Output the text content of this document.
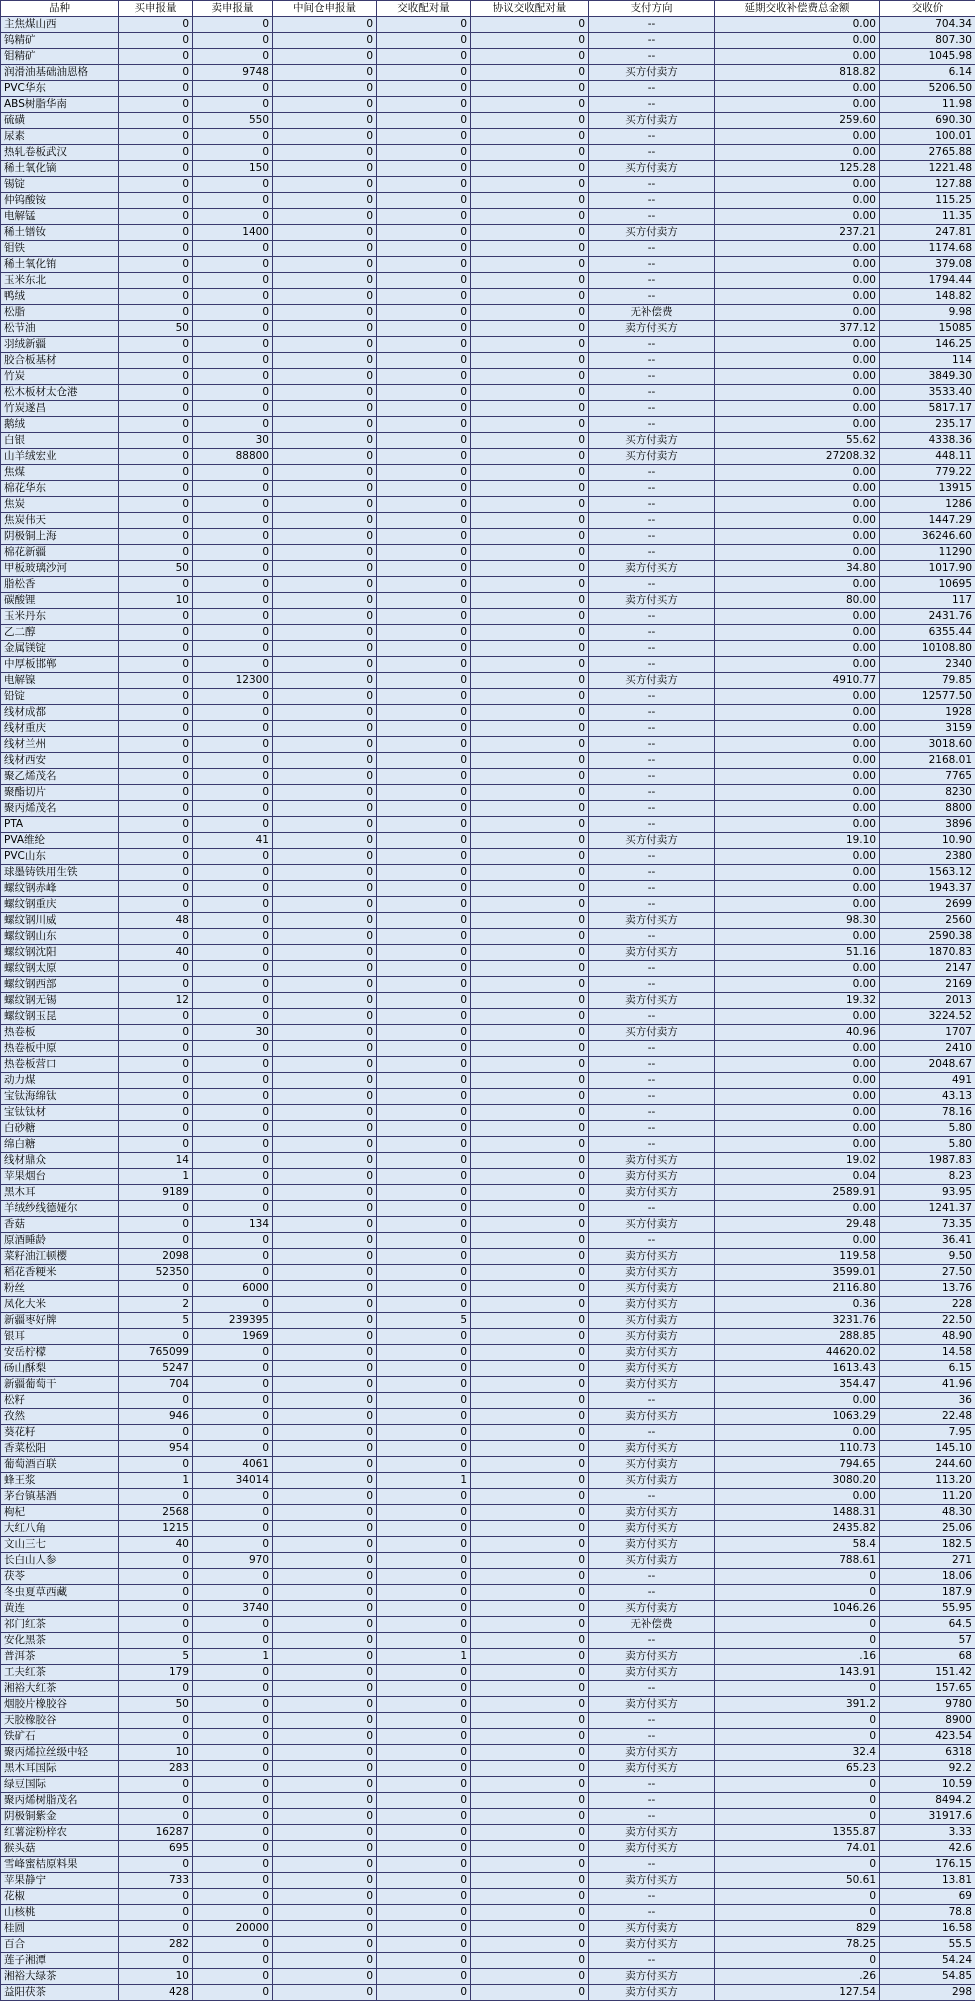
品种	买申报量	卖申报量	中间仓申报量	交收配对量	协议交收配对量	支付方向	延期交收补偿费总金额	交收价
主焦煤山西	0	0	0	0	0	--	0.00	704.34
钨精矿	0	0	0	0	0	--	0.00	807.30
钼精矿	0	0	0	0	0	--	0.00	1045.98
润滑油基础油恩格	0	9748	0	0	0	买方付卖方	818.82	6.14
PVC华东	0	0	0	0	0	--	0.00	5206.50
ABS树脂华南	0	0	0	0	0	--	0.00	11.98
硫磺	0	550	0	0	0	买方付卖方	259.60	690.30
尿素	0	0	0	0	0	--	0.00	100.01
热轧卷板武汉	0	0	0	0	0	--	0.00	2765.88
稀土氧化镝	0	150	0	0	0	买方付卖方	125.28	1221.48
锡锭	0	0	0	0	0	--	0.00	127.88
仲钨酸铵	0	0	0	0	0	--	0.00	115.25
电解锰	0	0	0	0	0	--	0.00	11.35
稀土镨钕	0	1400	0	0	0	买方付卖方	237.21	247.81
钼铁	0	0	0	0	0	--	0.00	1174.68
稀土氧化铕	0	0	0	0	0	--	0.00	379.08
玉米东北	0	0	0	0	0	--	0.00	1794.44
鸭绒	0	0	0	0	0	--	0.00	148.82
松脂	0	0	0	0	0	无补偿费	0.00	9.98
松节油	50	0	0	0	0	卖方付买方	377.12	15085
羽绒新疆	0	0	0	0	0	--	0.00	146.25
胶合板基材	0	0	0	0	0	--	0.00	114
竹炭	0	0	0	0	0	--	0.00	3849.30
松木板材太仓港	0	0	0	0	0	--	0.00	3533.40
竹炭遂昌	0	0	0	0	0	--	0.00	5817.17
鹅绒	0	0	0	0	0	--	0.00	235.17
白银	0	30	0	0	0	买方付卖方	55.62	4338.36
山羊绒宏业	0	88800	0	0	0	买方付卖方	27208.32	448.11
焦煤	0	0	0	0	0	--	0.00	779.22
棉花华东	0	0	0	0	0	--	0.00	13915
焦炭	0	0	0	0	0	--	0.00	1286
焦炭伟天	0	0	0	0	0	--	0.00	1447.29
阴极铜上海	0	0	0	0	0	--	0.00	36246.60
棉花新疆	0	0	0	0	0	--	0.00	11290
甲板玻璃沙河	50	0	0	0	0	卖方付买方	34.80	1017.90
脂松香	0	0	0	0	0	--	0.00	10695
碳酸锂	10	0	0	0	0	卖方付买方	80.00	117
玉米丹东	0	0	0	0	0	--	0.00	2431.76
乙二醇	0	0	0	0	0	--	0.00	6355.44
金属镁锭	0	0	0	0	0	--	0.00	10108.80
中厚板邯郸	0	0	0	0	0	--	0.00	2340
电解镍	0	12300	0	0	0	买方付卖方	4910.77	79.85
铅锭	0	0	0	0	0	--	0.00	12577.50
线材成都	0	0	0	0	0	--	0.00	1928
线材重庆	0	0	0	0	0	--	0.00	3159
线材兰州	0	0	0	0	0	--	0.00	3018.60
线材西安	0	0	0	0	0	--	0.00	2168.01
聚乙烯茂名	0	0	0	0	0	--	0.00	7765
聚酯切片	0	0	0	0	0	--	0.00	8230
聚丙烯茂名	0	0	0	0	0	--	0.00	8800
PTA	0	0	0	0	0	--	0.00	3896
PVA维纶	0	41	0	0	0	买方付卖方	19.10	10.90
PVC山东	0	0	0	0	0	--	0.00	2380
球墨铸铁用生铁	0	0	0	0	0	--	0.00	1563.12
螺纹钢赤峰	0	0	0	0	0	--	0.00	1943.37
螺纹钢重庆	0	0	0	0	0	--	0.00	2699
螺纹钢川威	48	0	0	0	0	卖方付买方	98.30	2560
螺纹钢山东	0	0	0	0	0	--	0.00	2590.38
螺纹钢沈阳	40	0	0	0	0	卖方付买方	51.16	1870.83
螺纹钢太原	0	0	0	0	0	--	0.00	2147
螺纹钢西部	0	0	0	0	0	--	0.00	2169
螺纹钢无锡	12	0	0	0	0	卖方付买方	19.32	2013
螺纹钢玉昆	0	0	0	0	0	--	0.00	3224.52
热卷板	0	30	0	0	0	买方付卖方	40.96	1707
热卷板中原	0	0	0	0	0	--	0.00	2410
热卷板营口	0	0	0	0	0	--	0.00	2048.67
动力煤	0	0	0	0	0	--	0.00	491
宝钛海绵钛	0	0	0	0	0	--	0.00	43.13
宝钛钛材	0	0	0	0	0	--	0.00	78.16
白砂糖	0	0	0	0	0	--	0.00	5.80
绵白糖	0	0	0	0	0	--	0.00	5.80
线材鼎众	14	0	0	0	0	卖方付买方	19.02	1987.83
苹果烟台	1	0	0	0	0	卖方付买方	0.04	8.23
黑木耳	9189	0	0	0	0	卖方付买方	2589.91	93.95
羊绒纱线德娅尔	0	0	0	0	0	--	0.00	1241.37
香菇	0	134	0	0	0	买方付卖方	29.48	73.35
原酒睡龄	0	0	0	0	0	--	0.00	36.41
菜籽油江顿樱	2098	0	0	0	0	卖方付买方	119.58	9.50
稻花香粳米	52350	0	0	0	0	卖方付买方	3599.01	27.50
粉丝	0	6000	0	0	0	买方付卖方	2116.80	13.76
凤化大米	2	0	0	0	0	卖方付买方	0.36	228
新疆枣好牌	5	239395	0	5	0	买方付卖方	3231.76	22.50
银耳	0	1969	0	0	0	买方付卖方	288.85	48.90
安岳柠檬	765099	0	0	0	0	卖方付买方	44620.02	14.58
砀山酥梨	5247	0	0	0	0	卖方付买方	1613.43	6.15
新疆葡萄干	704	0	0	0	0	卖方付买方	354.47	41.96
松籽	0	0	0	0	0	--	0.00	36
孜然	946	0	0	0	0	卖方付买方	1063.29	22.48
葵花籽	0	0	0	0	0	--	0.00	7.95
香菜松阳	954	0	0	0	0	卖方付买方	110.73	145.10
葡萄酒百联	0	4061	0	0	0	买方付卖方	794.65	244.60
蜂王浆	1	34014	0	1	0	买方付卖方	3080.20	113.20
茅台镇基酒	0	0	0	0	0	--	0.00	11.20
枸杞	2568	0	0	0	0	卖方付买方	1488.31	48.30
大红八角	1215	0	0	0	0	卖方付买方	2435.82	25.06
文山三七	40	0	0	0	0	卖方付买方	58.4	182.5
长白山人参	0	970	0	0	0	买方付卖方	788.61	271
茯苓	0	0	0	0	0	--	0	18.06
冬虫夏草西藏	0	0	0	0	0	--	0	187.9
黄连	0	3740	0	0	0	买方付卖方	1046.26	55.95
祁门红茶	0	0	0	0	0	无补偿费	0	64.5
安化黑茶	0	0	0	0	0	--	0	57
普洱茶	5	1	0	1	0	卖方付买方	.16	68
工夫红茶	179	0	0	0	0	卖方付买方	143.91	151.42
湘裕大红茶	0	0	0	0	0	--	0	157.65
烟胶片橡胶谷	50	0	0	0	0	卖方付买方	391.2	9780
天胶橡胶谷	0	0	0	0	0	--	0	8900
铁矿石	0	0	0	0	0	--	0	423.54
聚丙烯拉丝级中轻	10	0	0	0	0	卖方付买方	32.4	6318
黑木耳国际	283	0	0	0	0	卖方付买方	65.23	92.2
绿豆国际	0	0	0	0	0	--	0	10.59
聚丙烯树脂茂名	0	0	0	0	0	--	0	8494.2
阴极铜紫金	0	0	0	0	0	--	0	31917.6
红薯淀粉梓农	16287	0	0	0	0	卖方付买方	1355.87	3.33
猴头菇	695	0	0	0	0	卖方付买方	74.01	42.6
雪峰蜜桔原料果	0	0	0	0	0	--	0	176.15
苹果静宁	733	0	0	0	0	卖方付买方	50.61	13.81
花椒	0	0	0	0	0	--	0	69
山核桃	0	0	0	0	0	--	0	78.8
桂圆	0	20000	0	0	0	买方付卖方	829	16.58
百合	282	0	0	0	0	卖方付买方	78.25	55.5
莲子湘潭	0	0	0	0	0	--	0	54.24
湘裕大绿茶	10	0	0	0	0	卖方付买方	.26	54.85
益阳茯茶	428	0	0	0	0	卖方付买方	127.54	298
